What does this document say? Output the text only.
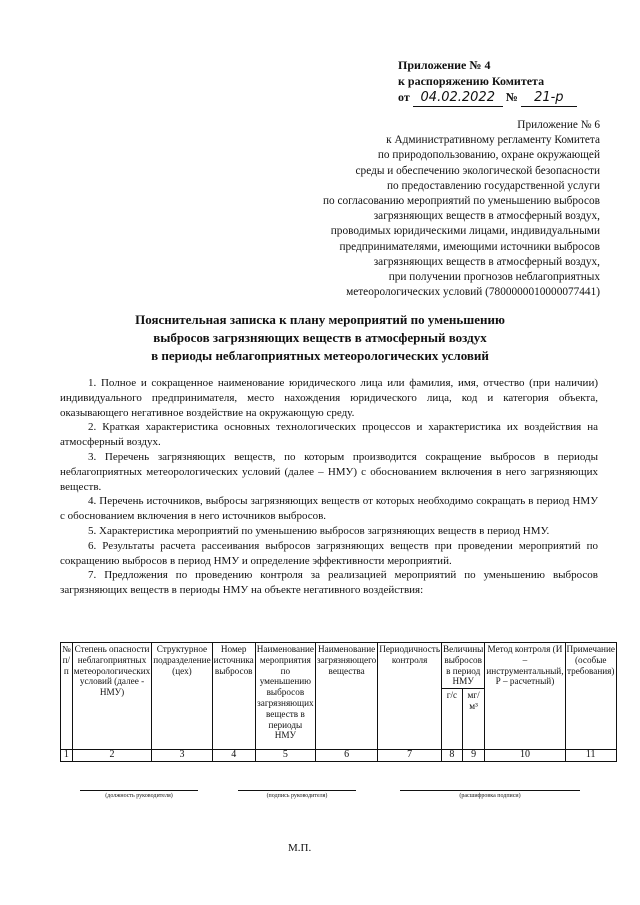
Приложение № 4
к распоряжению Комитета
от 04.02.2022 № 21-р
Приложение № 6
к Административному регламенту Комитета
по природопользованию, охране окружающей
среды и обеспечению экологической безопасности
по предоставлению государственной услуги
по согласованию мероприятий по уменьшению выбросов
загрязняющих веществ в атмосферный воздух,
проводимых юридическими лицами, индивидуальными
предпринимателями, имеющими источники выбросов
загрязняющих веществ в атмосферный воздух,
при получении прогнозов неблагоприятных
метеорологических условий (7800000010000077441)
Пояснительная записка к плану мероприятий по уменьшению
выбросов загрязняющих веществ в атмосферный воздух
в периоды неблагоприятных метеорологических условий

1. Полное и сокращенное наименование юридического лица или фамилия, имя, отчество (при наличии) индивидуального предпринимателя, место нахождения юридического лица, код и категория объекта, оказывающего негативное воздействие на окружающую среду.

2. Краткая характеристика основных технологических процессов и характеристика их воздействия на атмосферный воздух.

3. Перечень загрязняющих веществ, по которым производится сокращение выбросов в периоды неблагоприятных метеорологических условий (далее – НМУ) с обоснованием включения в него загрязняющих веществ.

4. Перечень источников, выбросы загрязняющих веществ от которых необходимо сокращать в период НМУ с обоснованием включения в него источников выбросов.

5. Характеристика мероприятий по уменьшению выбросов загрязняющих веществ в период НМУ.

6. Результаты расчета рассеивания выбросов загрязняющих веществ при проведении мероприятий по сокращению выбросов в период НМУ и определение эффективности мероприятий.

7. Предложения по проведению контроля за реализацией мероприятий по уменьшению выбросов загрязняющих веществ в периоды НМУ на объекте негативного воздействия:

№ п/п	Степень опасности неблагоприятных метеорологических условий (далее - НМУ)	Структурное подразделение (цех)	Номер источника выбросов	Наименование мероприятия по уменьшению выбросов загрязняющих веществ в периоды НМУ	Наименование загрязняющего вещества	Периодичность контроля	Величины выбросов в период НМУ		Метод контроля (И – инструментальный, Р – расчетный)	Примечание (особые требования)
							г/с	мг/м³		
1	2	3	4	5	6	7	8	9	10	11
(должность руководителя)	(подпись руководителя)	(расшифровка подписи)
М.П.
